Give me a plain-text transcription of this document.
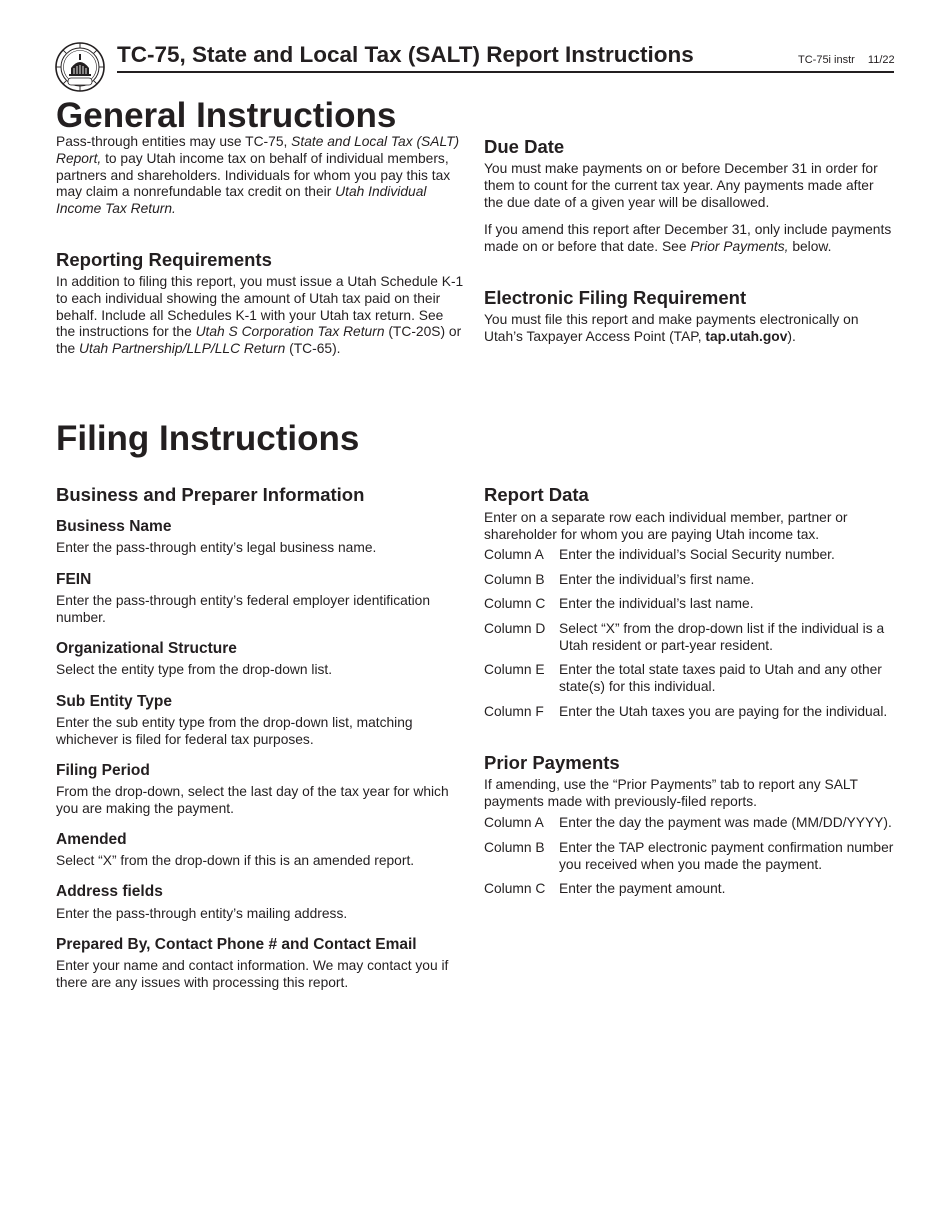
TC-75, State and Local Tax (SALT) Report Instructions	TC-75i instr 11/22
General Instructions

Pass-through entities may use TC-75, State and Local Tax (SALT) Report, to pay Utah income tax on behalf of individual members, partners and shareholders. Individuals for whom you pay this tax may claim a nonrefundable tax credit on their Utah Individual Income Tax Return.

Reporting Requirements

In addition to filing this report, you must issue a Utah Schedule K-1 to each individual showing the amount of Utah tax paid on their behalf. Include all Schedules K-1 with your Utah tax return. See the instructions for the Utah S Corporation Tax Return (TC-20S) or the Utah Partnership/LLP/LLC Return (TC-65).

Due Date

You must make payments on or before December 31 in order for them to count for the current tax year. Any payments made after the due date of a given year will be disallowed.

If you amend this report after December 31, only include payments made on or before that date. See Prior Payments, below.

Electronic Filing Requirement

You must file this report and make payments electronically on Utah’s Taxpayer Access Point (TAP, tap.utah.gov).

Filing Instructions
Business and Preparer Information
Business Name

Enter the pass-through entity’s legal business name.

FEIN

Enter the pass-through entity’s federal employer identification number.

Organizational Structure

Select the entity type from the drop-down list.

Sub Entity Type

Enter the sub entity type from the drop-down list, matching whichever is filed for federal tax purposes.

Filing Period

From the drop-down, select the last day of the tax year for which you are making the payment.

Amended

Select “X” from the drop-down if this is an amended report.

Address fields

Enter the pass-through entity’s mailing address.

Prepared By, Contact Phone # and Contact Email

Enter your name and contact information. We may contact you if there are any issues with processing this report.

Report Data

Enter on a separate row each individual member, partner or shareholder for whom you are paying Utah income tax.

Column A Enter the individual’s Social Security number.
Column B Enter the individual’s first name.
Column C Enter the individual’s last name.
Column D Select “X” from the drop-down list if the individual is a Utah resident or part-year resident.
Column E Enter the total state taxes paid to Utah and any other state(s) for this individual.
Column F Enter the Utah taxes you are paying for the individual.
Prior Payments

If amending, use the “Prior Payments” tab to report any SALT payments made with previously-filed reports.

Column A Enter the day the payment was made (MM/DD/YYYY).
Column B Enter the TAP electronic payment confirmation number you received when you made the payment.
Column C Enter the payment amount.
